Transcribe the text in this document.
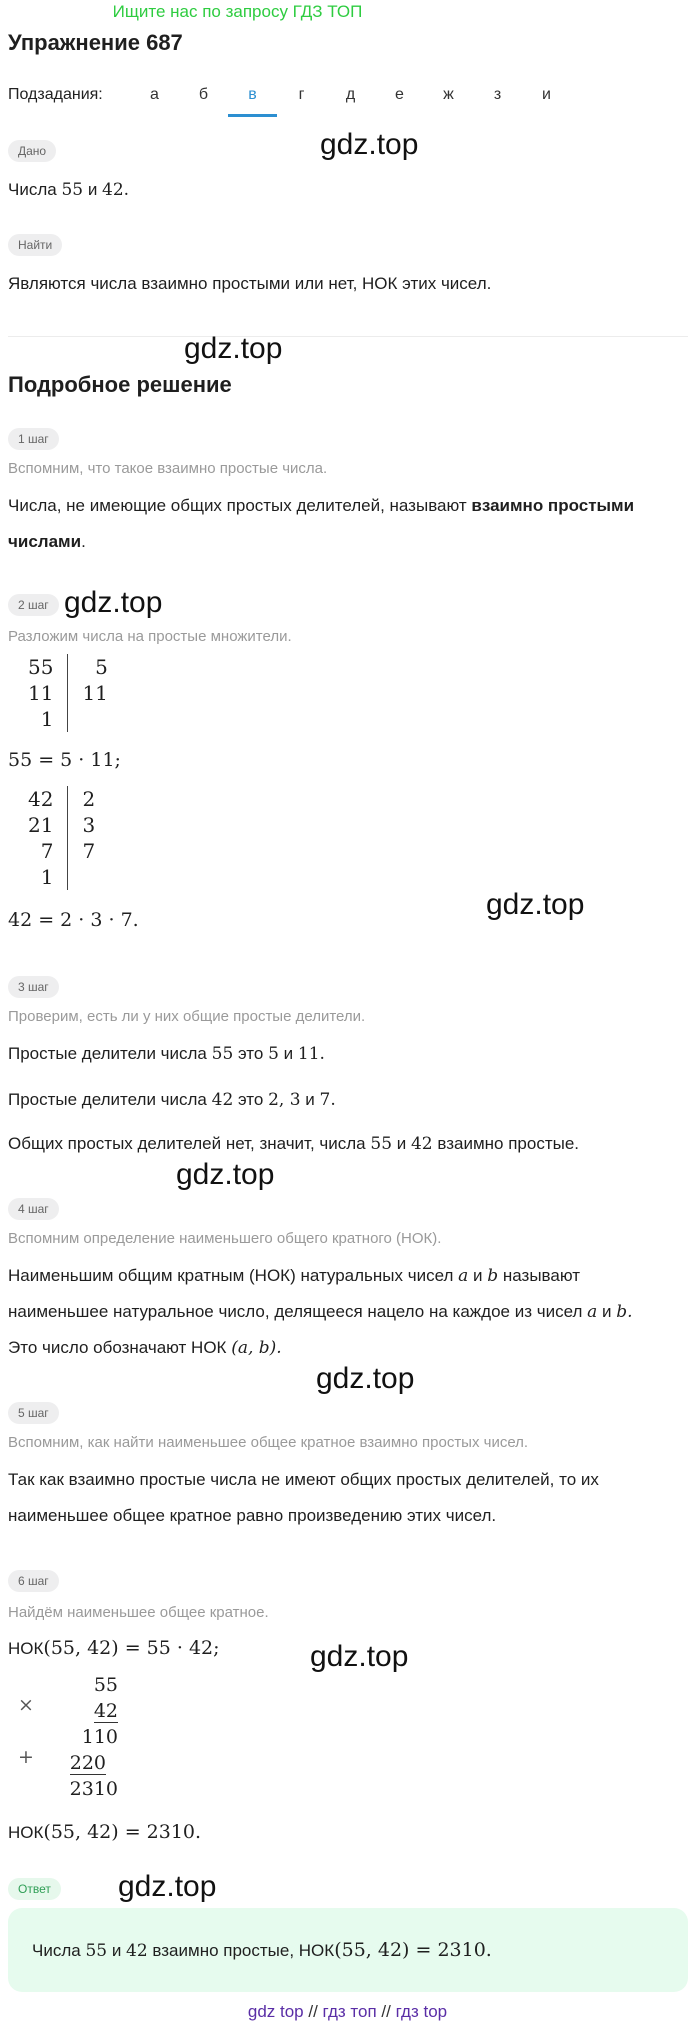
Ищите нас по запросу ГДЗ ТОП
Упражнение 687
Подзадания:	а	б	в	г	д	е	ж	з	и
Дано	gdz.top
Числа 55 и 42.
Найти
Являются числа взаимно простыми или нет, НОК этих чисел.
gdz.top
Подробное решение
1 шаг
Вспомним, что такое взаимно простые числа.
Числа, не имеющие общих простых делителей, называют взаимно простыми
числами.
2 шаг gdz.top
Разложим числа на простые множители.
55	5
11	11
1	
55 = 5 · 11;
42	2
21	3
7	7
1	
42 = 2 · 3 · 7.	gdz.top
3 шаг
Проверим, есть ли у них общие простые делители.
Простые делители числа 55 это 5 и 11.
Простые делители числа 42 это 2, 3 и 7.
Общих простых делителей нет, значит, числа 55 и 42 взаимно простые.
gdz.top
4 шаг
Вспомним определение наименьшего общего кратного (НОК).
Наименьшим общим кратным (НОК) натуральных чисел a и b называют
наименьшее натуральное число, делящееся нацело на каждое из чисел a и b.
Это число обозначают НОК (a, b).
gdz.top
5 шаг
Вспомним, как найти наименьшее общее кратное взаимно простых чисел.
Так как взаимно простые числа не имеют общих простых делителей, то их
наименьшее общее кратное равно произведению этих чисел.
6 шаг
Найдём наименьшее общее кратное.
НОК(55, 42) = 55 · 42;	gdz.top
×
55
42
110
+ 220
2310
НОК(55, 42) = 2310.
Ответ	gdz.top
Числа 55 и 42 взаимно простые, НОК(55, 42) = 2310.
gdz top // гдз топ // гдз top
